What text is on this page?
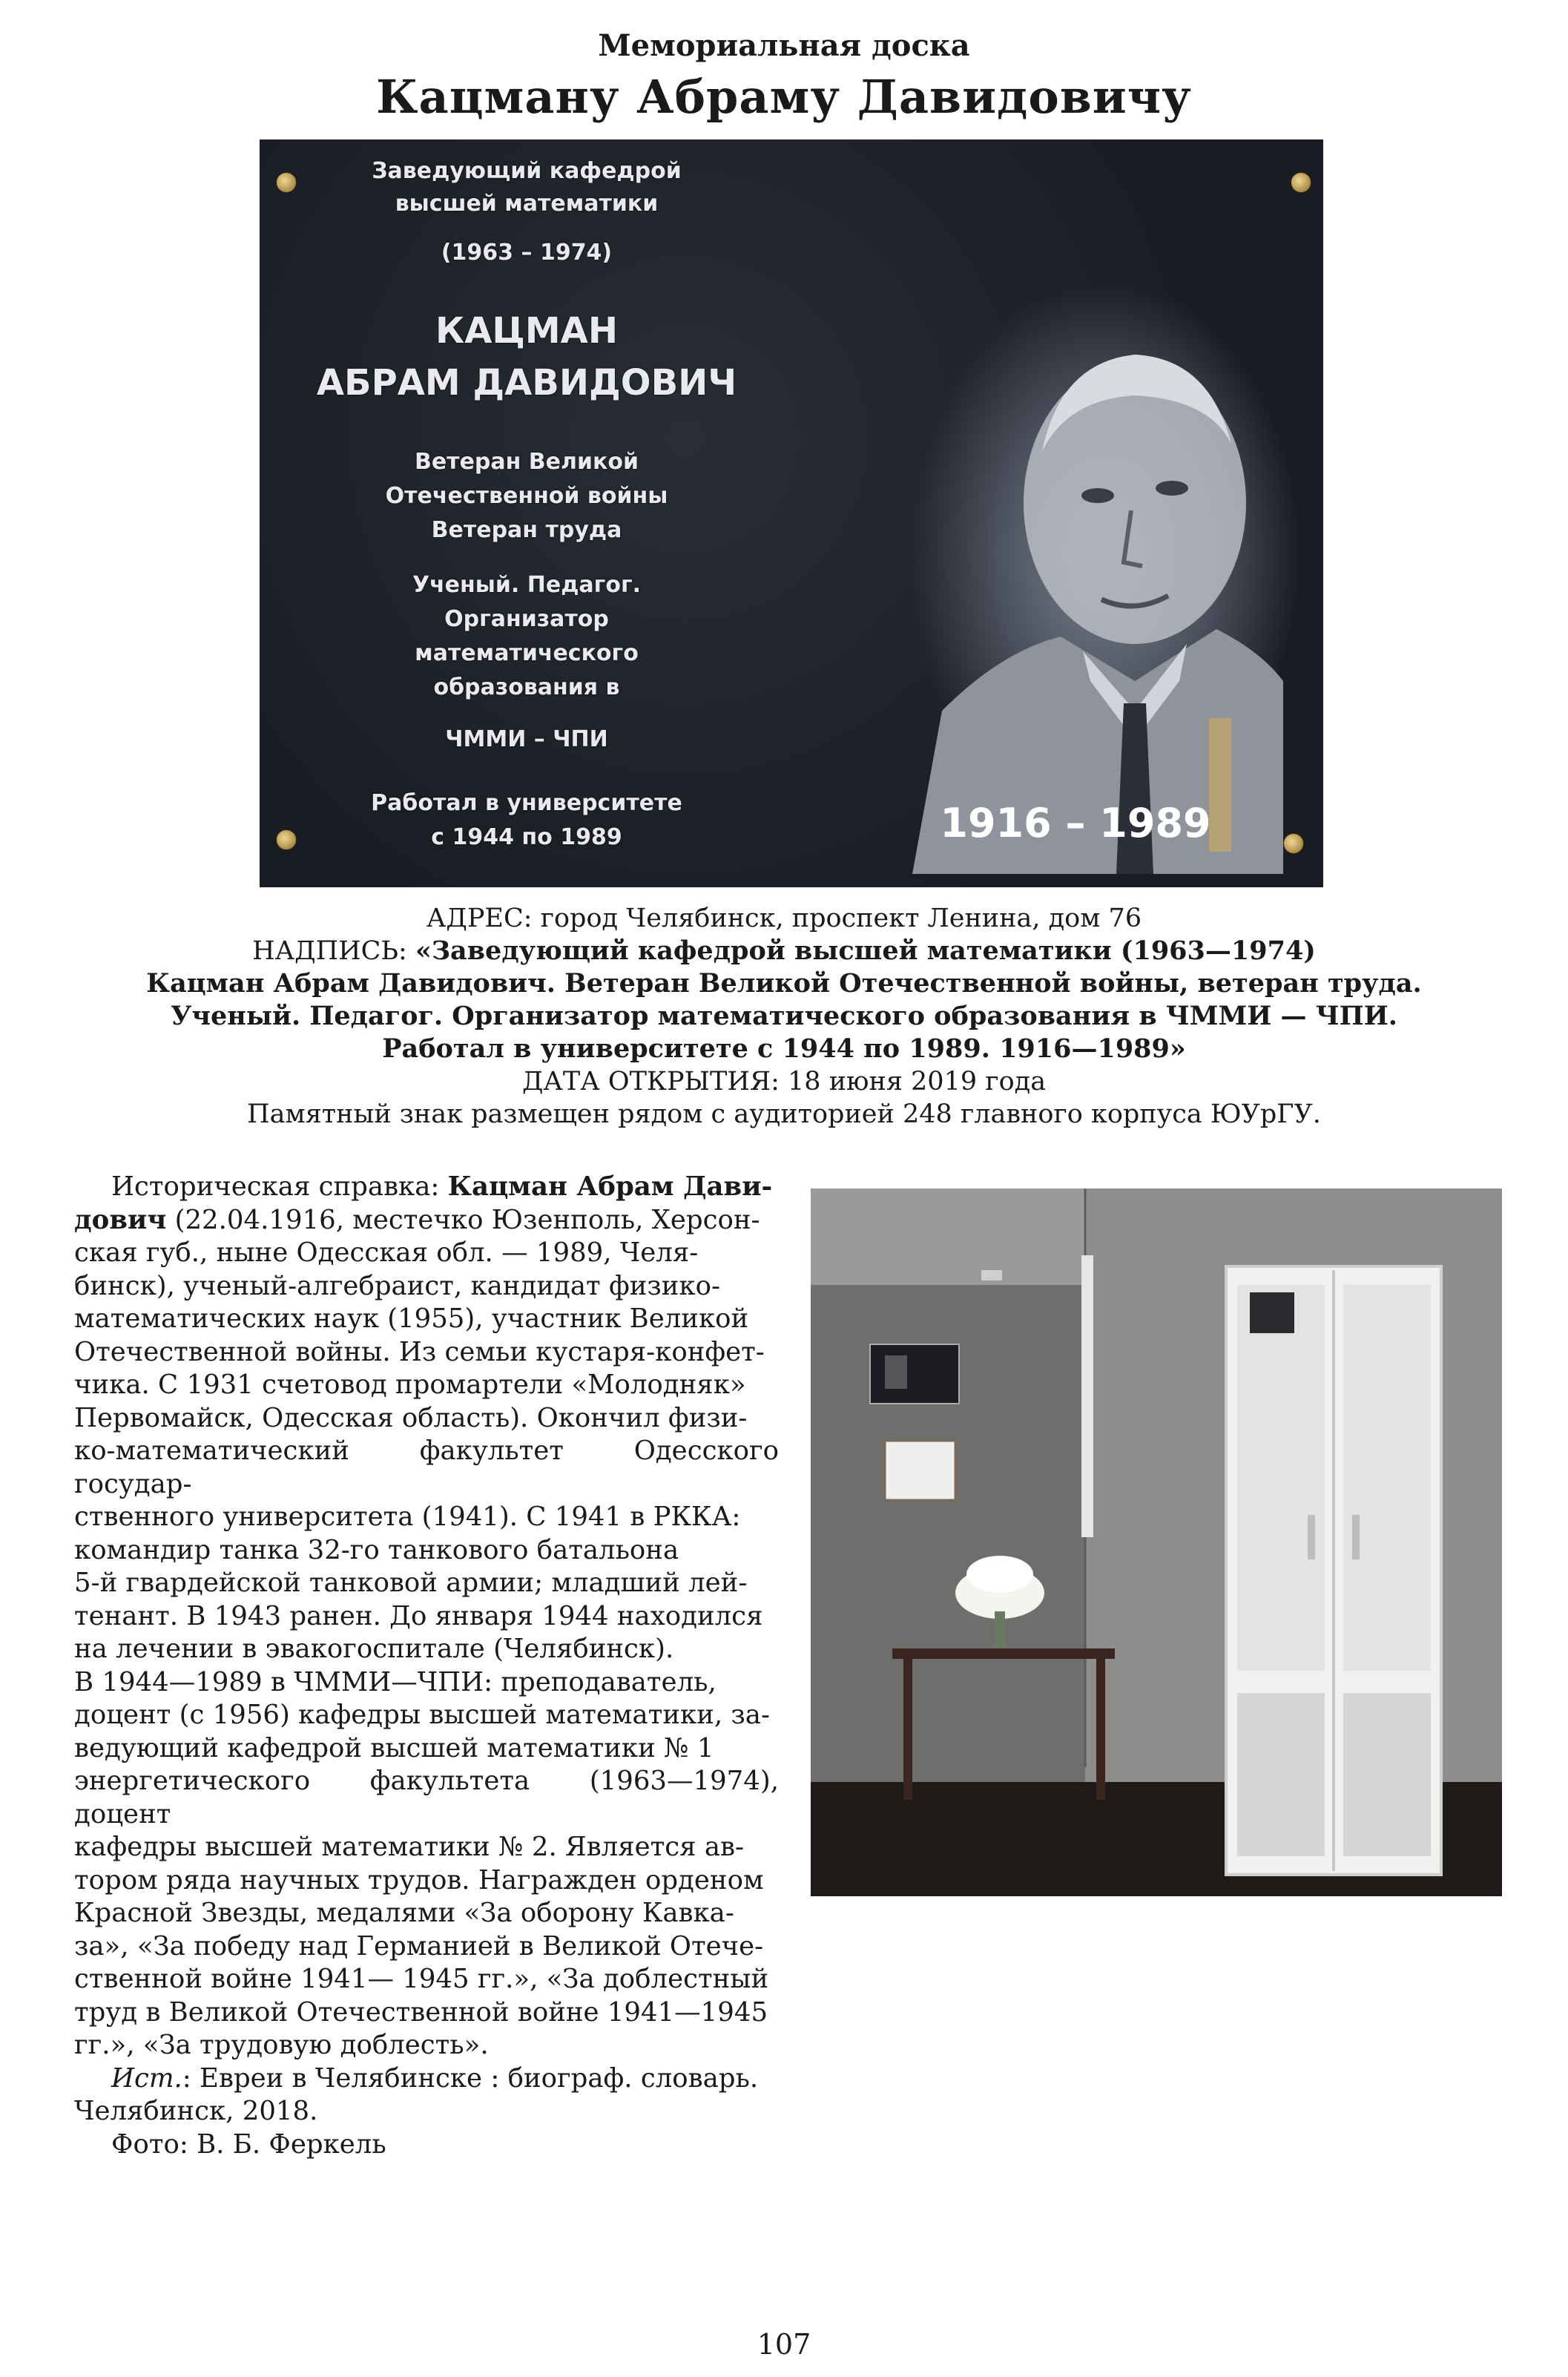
Мемориальная доска
Кацману Абраму Давидовичу
Заведующий кафедрой
высшей математики
(1963 – 1974)
КАЦМАН
АБРАМ ДАВИДОВИЧ
Ветеран Великой
Отечественной войны
Ветеран труда
Ученый. Педагог.
Организатор
математического
образования в
ЧММИ – ЧПИ
Работал в университете
с 1944 по 1989	1916 – 1989
АДРЕС: город Челябинск, проспект Ленина, дом 76
НАДПИСЬ: «Заведующий кафедрой высшей математики (1963—1974)
Кацман Абрам Давидович. Ветеран Великой Отечественной войны, ветеран труда.
Ученый. Педагог. Организатор математического образования в ЧММИ — ЧПИ.
Работал в университете с 1944 по 1989. 1916—1989»
ДАТА ОТКРЫТИЯ: 18 июня 2019 года
Памятный знак размещен рядом с аудиторией 248 главного корпуса ЮУрГУ.

Историческая справка: Кацман Абрам Дави-

дович (22.04.1916, местечко Юзенполь, Херсон-

ская губ., ныне Одесская обл. — 1989, Челя-

бинск), ученый-алгебраист, кандидат физико-

математических наук (1955), участник Великой

Отечественной войны. Из семьи кустаря-конфет-

чика. С 1931 счетовод промартели «Молодняк»

Первомайск, Одесская область). Окончил физи-

ко-математический факультет Одесского государ-

ственного университета (1941). С 1941 в РККА:

командир танка 32-го танкового батальона

5-й гвардейской танковой армии; младший лей-

тенант. В 1943 ранен. До января 1944 находился

на лечении в эвакогоспитале (Челябинск).

В 1944—1989 в ЧММИ—ЧПИ: преподаватель,

доцент (с 1956) кафедры высшей математики, за-

ведующий кафедрой высшей математики № 1

энергетического факультета (1963—1974), доцент

кафедры высшей математики № 2. Является ав-

тором ряда научных трудов. Награжден орденом

Красной Звезды, медалями «За оборону Кавка-

за», «За победу над Германией в Великой Отече-

ственной войне 1941— 1945 гг.», «За доблестный

труд в Великой Отечественной войне 1941—1945

гг.», «За трудовую доблесть».

Ист.: Евреи в Челябинске : биограф. словарь.

Челябинск, 2018.

Фото: В. Б. Феркель

107
